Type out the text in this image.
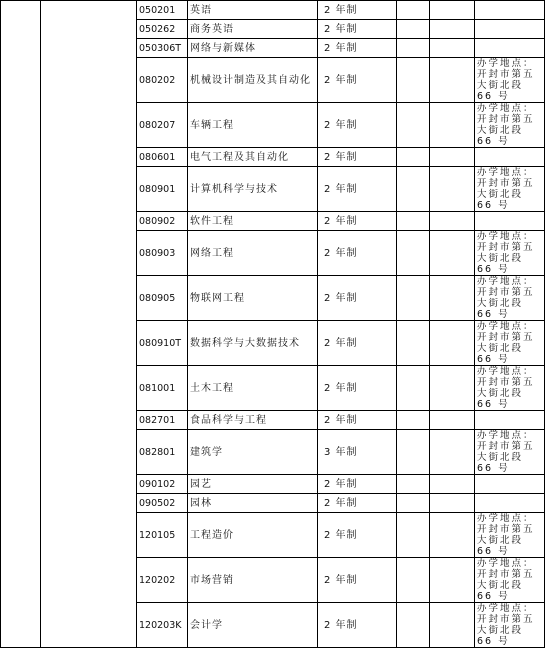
		050201	英语	2 年制			
		050262	商务英语	2 年制			
		050306T	网络与新媒体	2 年制			
		080202	机械设计制造及其自动化	2 年制			办学地点：开封市第五大街北段 66 号
		080207	车辆工程	2 年制			办学地点：开封市第五大街北段 66 号
		080601	电气工程及其自动化	2 年制			
		080901	计算机科学与技术	2 年制			办学地点：开封市第五大街北段 66 号
		080902	软件工程	2 年制			
		080903	网络工程	2 年制			办学地点：开封市第五大街北段 66 号
		080905	物联网工程	2 年制			办学地点：开封市第五大街北段 66 号
		080910T	数据科学与大数据技术	2 年制			办学地点：开封市第五大街北段 66 号
		081001	土木工程	2 年制			办学地点：开封市第五大街北段 66 号
		082701	食品科学与工程	2 年制			
		082801	建筑学	3 年制			办学地点：开封市第五大街北段 66 号
		090102	园艺	2 年制			
		090502	园林	2 年制			
		120105	工程造价	2 年制			办学地点：开封市第五大街北段 66 号
		120202	市场营销	2 年制			办学地点：开封市第五大街北段 66 号
		120203K	会计学	2 年制			办学地点：开封市第五大街北段 66 号
